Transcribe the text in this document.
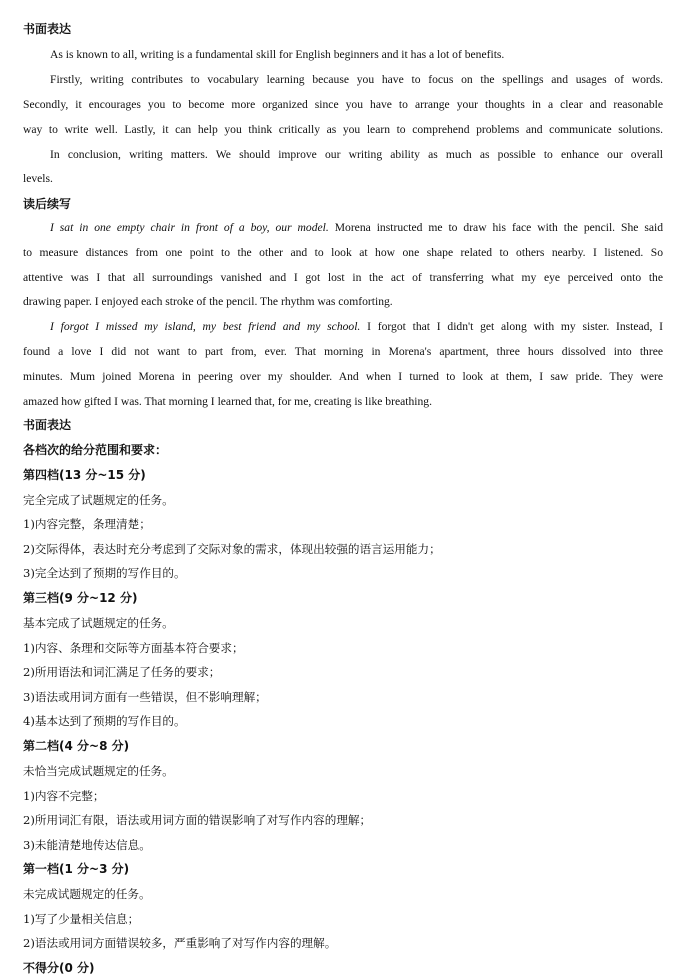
书面表达
As is known to all, writing is a fundamental skill for English beginners and it has a lot of benefits.
Firstly, writing contributes to vocabulary learning because you have to focus on the spellings and usages of words.
Secondly, it encourages you to become more organized since you have to arrange your thoughts in a clear and reasonable
way to write well. Lastly, it can help you think critically as you learn to comprehend problems and communicate solutions.
In conclusion, writing matters. We should improve our writing ability as much as possible to enhance our overall
levels.
读后续写
I sat in one empty chair in front of a boy, our model. Morena instructed me to draw his face with the pencil. She said
to measure distances from one point to the other and to look at how one shape related to others nearby. I listened. So
attentive was I that all surroundings vanished and I got lost in the act of transferring what my eye perceived onto the
drawing paper. I enjoyed each stroke of the pencil. The rhythm was comforting.
I forgot I missed my island, my best friend and my school. I forgot that I didn't get along with my sister. Instead, I
found a love I did not want to part from, ever. That morning in Morena's apartment, three hours dissolved into three
minutes. Mum joined Morena in peering over my shoulder. And when I turned to look at them, I saw pride. They were
amazed how gifted I was. That morning I learned that, for me, creating is like breathing.
书面表达
各档次的给分范围和要求：
第四档(13 分~15 分)
完全完成了试题规定的任务。
1)内容完整，条理清楚；
2)交际得体，表达时充分考虑到了交际对象的需求，体现出较强的语言运用能力；
3)完全达到了预期的写作目的。
第三档(9 分~12 分)
基本完成了试题规定的任务。
1)内容、条理和交际等方面基本符合要求；
2)所用语法和词汇满足了任务的要求；
3)语法或用词方面有一些错误，但不影响理解；
4)基本达到了预期的写作目的。
第二档(4 分~8 分)
未恰当完成试题规定的任务。
1)内容不完整；
2)所用词汇有限，语法或用词方面的错误影响了对写作内容的理解；
3)未能清楚地传达信息。
第一档(1 分~3 分)
未完成试题规定的任务。
1)写了少量相关信息；
2)语法或用词方面错误较多，严重影响了对写作内容的理解。
不得分(0 分)
